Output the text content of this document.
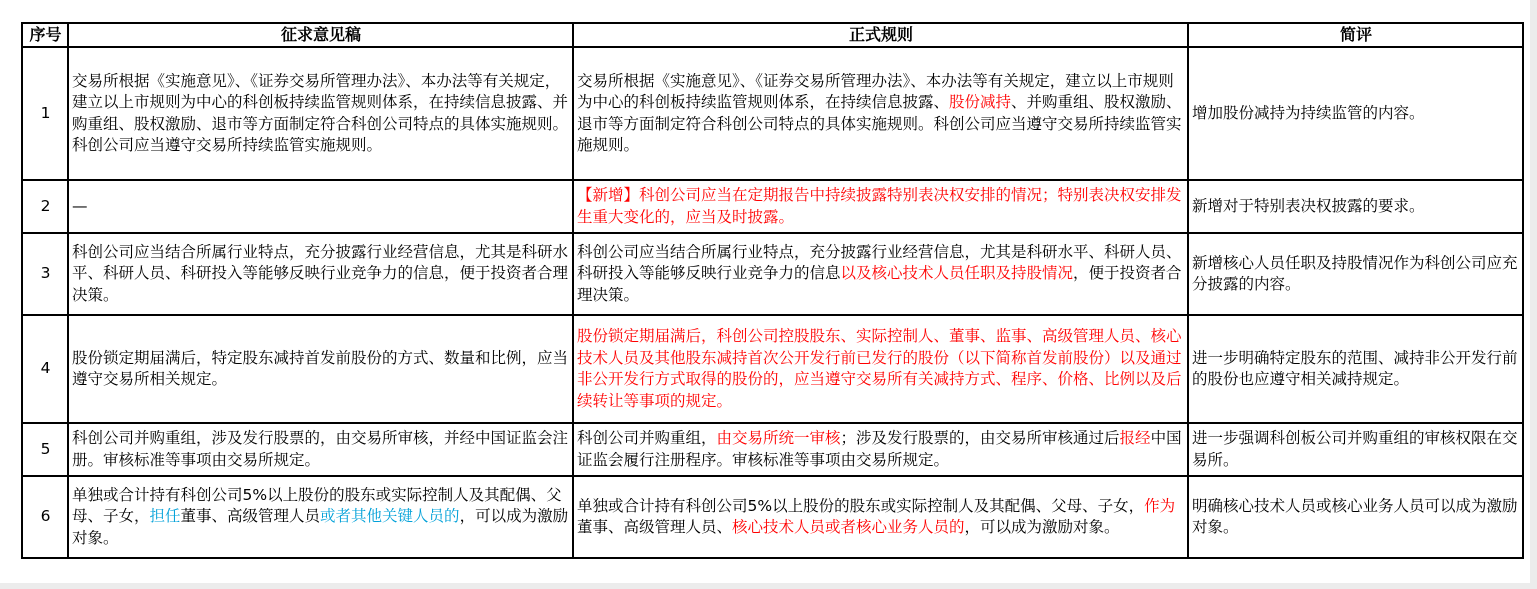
序号	征求意见稿	正式规则	简评
1	交易所根据《实施意见》、《证券交易所管理办法》、本办法等有关规定，建立以上市规则为中心的科创板持续监管规则体系，在持续信息披露、并购重组、股权激励、退市等方面制定符合科创公司特点的具体实施规则。科创公司应当遵守交易所持续监管实施规则。	交易所根据《实施意见》、《证券交易所管理办法》、本办法等有关规定，建立以上市规则为中心的科创板持续监管规则体系，在持续信息披露、股份减持、并购重组、股权激励、退市等方面制定符合科创公司特点的具体实施规则。科创公司应当遵守交易所持续监管实施规则。	增加股份减持为持续监管的内容。
2	—	【新增】科创公司应当在定期报告中持续披露特别表决权安排的情况；特别表决权安排发生重大变化的，应当及时披露。	新增对于特别表决权披露的要求。
3	科创公司应当结合所属行业特点，充分披露行业经营信息，尤其是科研水平、科研人员、科研投入等能够反映行业竞争力的信息，便于投资者合理决策。	科创公司应当结合所属行业特点，充分披露行业经营信息，尤其是科研水平、科研人员、科研投入等能够反映行业竞争力的信息以及核心技术人员任职及持股情况，便于投资者合理决策。	新增核心人员任职及持股情况作为科创公司应充分披露的内容。
4	股份锁定期届满后，特定股东减持首发前股份的方式、数量和比例，应当遵守交易所相关规定。	股份锁定期届满后，科创公司控股股东、实际控制人、董事、监事、高级管理人员、核心技术人员及其他股东减持首次公开发行前已发行的股份（以下简称首发前股份）以及通过非公开发行方式取得的股份的，应当遵守交易所有关减持方式、程序、价格、比例以及后续转让等事项的规定。	进一步明确特定股东的范围、减持非公开发行前的股份也应遵守相关减持规定。
5	科创公司并购重组，涉及发行股票的，由交易所审核，并经中国证监会注册。审核标准等事项由交易所规定。	科创公司并购重组，由交易所统一审核；涉及发行股票的，由交易所审核通过后报经中国证监会履行注册程序。审核标准等事项由交易所规定。	进一步强调科创板公司并购重组的审核权限在交易所。
6	单独或合计持有科创公司5%以上股份的股东或实际控制人及其配偶、父母、子女，担任董事、高级管理人员或者其他关键人员的，可以成为激励对象。	单独或合计持有科创公司5%以上股份的股东或实际控制人及其配偶、父母、子女，作为董事、高级管理人员、核心技术人员或者核心业务人员的，可以成为激励对象。	明确核心技术人员或核心业务人员可以成为激励对象。
